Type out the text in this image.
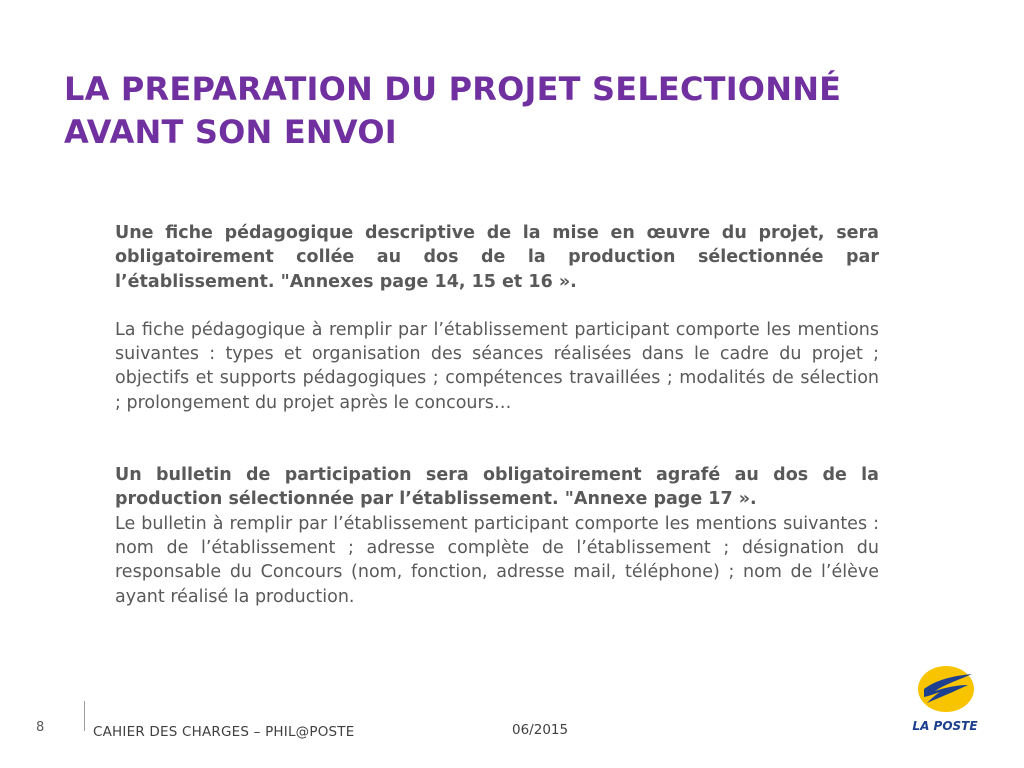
LA PREPARATION DU PROJET SELECTIONNÉ
AVANT SON ENVOI

Une fiche pédagogique descriptive de la mise en œuvre du projet, sera obligatoirement collée au dos de la production sélectionnée par l’établissement. "Annexes page 14, 15 et 16 ».

La fiche pédagogique à remplir par l’établissement participant comporte les mentions suivantes : types et organisation des séances réalisées dans le cadre du projet ; objectifs et supports pédagogiques ; compétences travaillées ; modalités de sélection ; prolongement du projet après le concours…

Un bulletin de participation sera obligatoirement agrafé au dos de la production sélectionnée par l’établissement. "Annexe page 17 ».

Le bulletin à remplir par l’établissement participant comporte les mentions suivantes : nom de l’établissement ; adresse complète de l’établissement ; désignation du responsable du Concours (nom, fonction, adresse mail, téléphone) ; nom de l’élève ayant réalisé la production.

8	CAHIER DES CHARGES – PHIL@POSTE	06/2015	LA POSTE
